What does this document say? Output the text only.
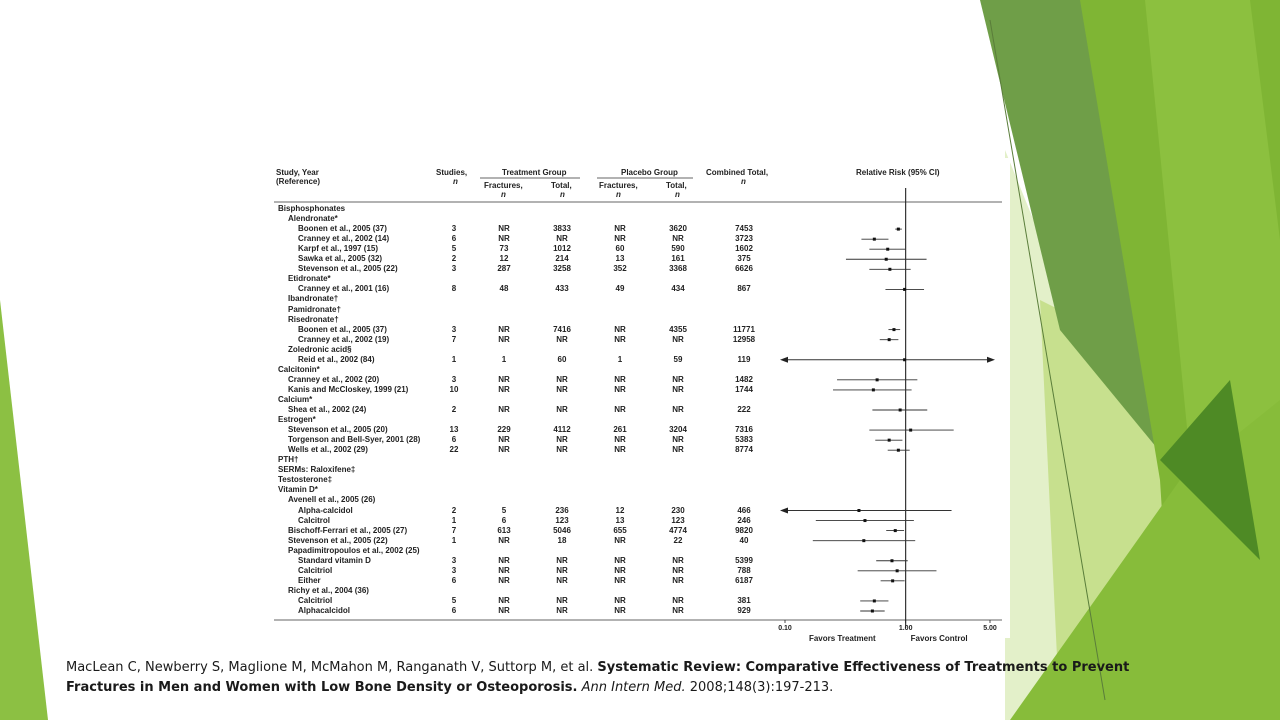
Study, Year
(Reference)
Studies,
n
Treatment Group	Placebo Group	Combined Total,
n
Relative Risk (95% CI)
Fractures,
n
Total,
n
Fractures,
n
Total,
n
0.10	1.00	5.00
Favors Treatment	Favors Control
Bisphosphonates
Alendronate*
Boonen et al., 2005 (37)	3	NR	3833	NR	3620	7453
Cranney et al., 2002 (14)	6	NR	NR	NR	NR	3723
Karpf et al., 1997 (15)	5	73	1012	60	590	1602
Sawka et al., 2005 (32)	2	12	214	13	161	375
Stevenson et al., 2005 (22)	3	287	3258	352	3368	6626
Etidronate*
Cranney et al., 2001 (16)	8	48	433	49	434	867
Ibandronate†
Pamidronate†
Risedronate†
Boonen et al., 2005 (37)	3	NR	7416	NR	4355	11771
Cranney et al., 2002 (19)	7	NR	NR	NR	NR	12958
Zoledronic acid§
Reid et al., 2002 (84)	1	1	60	1	59	119
Calcitonin*
Cranney et al., 2002 (20)	3	NR	NR	NR	NR	1482
Kanis and McCloskey, 1999 (21)	10	NR	NR	NR	NR	1744
Calcium*
Shea et al., 2002 (24)	2	NR	NR	NR	NR	222
Estrogen*
Stevenson et al., 2005 (20)	13	229	4112	261	3204	7316
Torgenson and Bell-Syer, 2001 (28)	6	NR	NR	NR	NR	5383
Wells et al., 2002 (29)	22	NR	NR	NR	NR	8774
PTH†
SERMs: Raloxifene‡
Testosterone‡
Vitamin D*
Avenell et al., 2005 (26)
Alpha-calcidol	2	5	236	12	230	466
Calcitrol	1	6	123	13	123	246
Bischoff-Ferrari et al., 2005 (27)	7	613	5046	655	4774	9820
Stevenson et al., 2005 (22)	1	NR	18	NR	22	40
Papadimitropoulos et al., 2002 (25)
Standard vitamin D	3	NR	NR	NR	NR	5399
Calcitriol	3	NR	NR	NR	NR	788
Either	6	NR	NR	NR	NR	6187
Richy et al., 2004 (36)
Calcitriol	5	NR	NR	NR	NR	381
Alphacalcidol	6	NR	NR	NR	NR	929
MacLean C, Newberry S, Maglione M, McMahon M, Ranganath V, Suttorp M, et al. Systematic Review: Comparative Effectiveness of Treatments to Prevent Fractures in Men and Women with Low Bone Density or Osteoporosis. Ann Intern Med. 2008;148(3):197-213.
